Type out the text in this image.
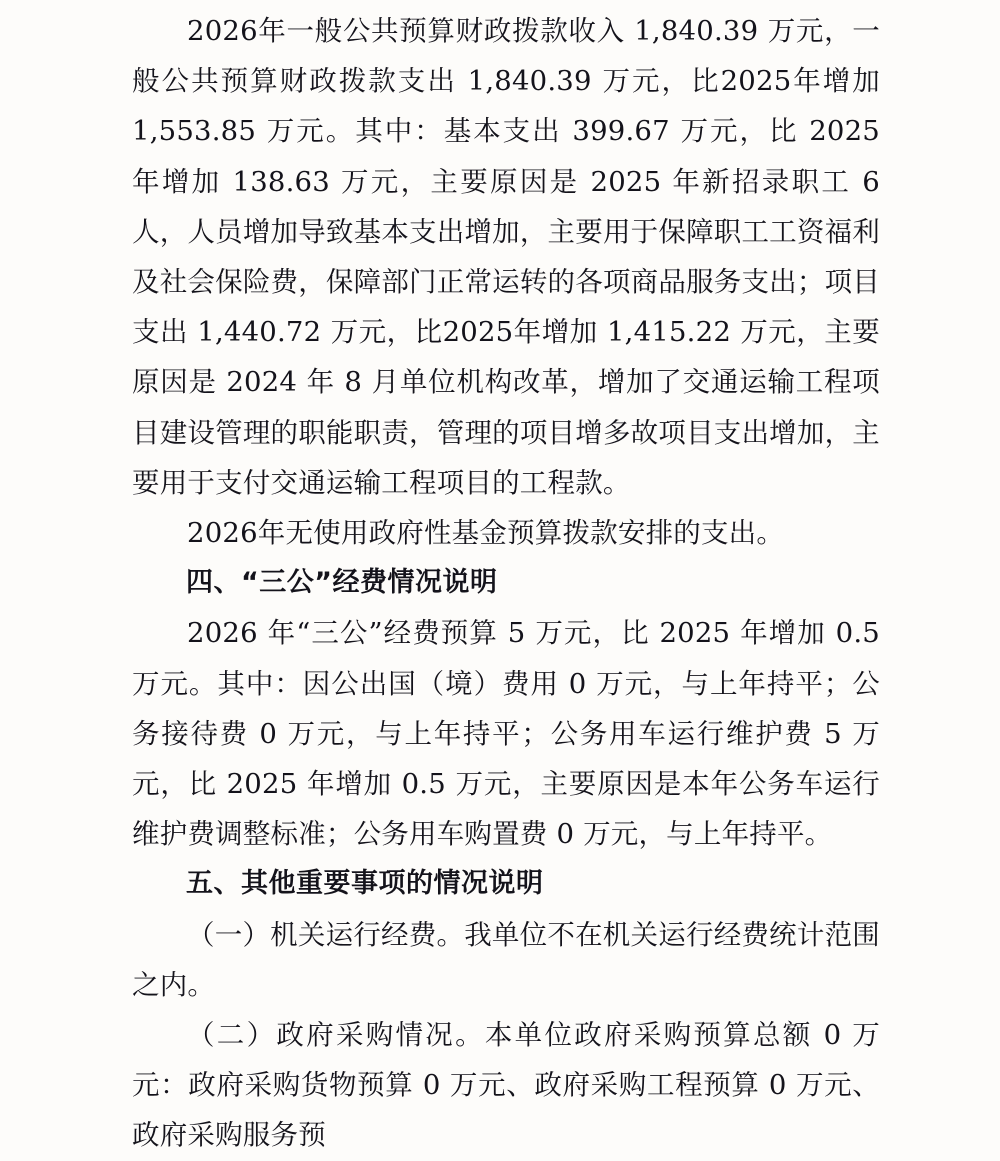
2026年一般公共预算财政拨款收入 1,840.39 万元，一般公共预算财政拨款支出 1,840.39 万元，比2025年增加 1,553.85 万元。其中：基本支出 399.67 万元，比 2025 年增加 138.63 万元，主要原因是 2025 年新招录职工 6 人，人员增加导致基本支出增加，主要用于保障职工工资福利及社会保险费，保障部门正常运转的各项商品服务支出；项目支出 1,440.72 万元，比2025年增加 1,415.22 万元，主要原因是 2024 年 8 月单位机构改革，增加了交通运输工程项目建设管理的职能职责，管理的项目增多故项目支出增加，主要用于支付交通运输工程项目的工程款。

2026年无使用政府性基金预算拨款安排的支出。

四、“三公”经费情况说明

2026 年“三公”经费预算 5 万元，比 2025 年增加 0.5 万元。其中：因公出国（境）费用 0 万元，与上年持平；公务接待费 0 万元，与上年持平；公务用车运行维护费 5 万元，比 2025 年增加 0.5 万元，主要原因是本年公务车运行维护费调整标准；公务用车购置费 0 万元，与上年持平。

五、其他重要事项的情况说明

（一）机关运行经费。我单位不在机关运行经费统计范围之内。

（二）政府采购情况。本单位政府采购预算总额 0 万元：政府采购货物预算 0 万元、政府采购工程预算 0 万元、政府采购服务预
